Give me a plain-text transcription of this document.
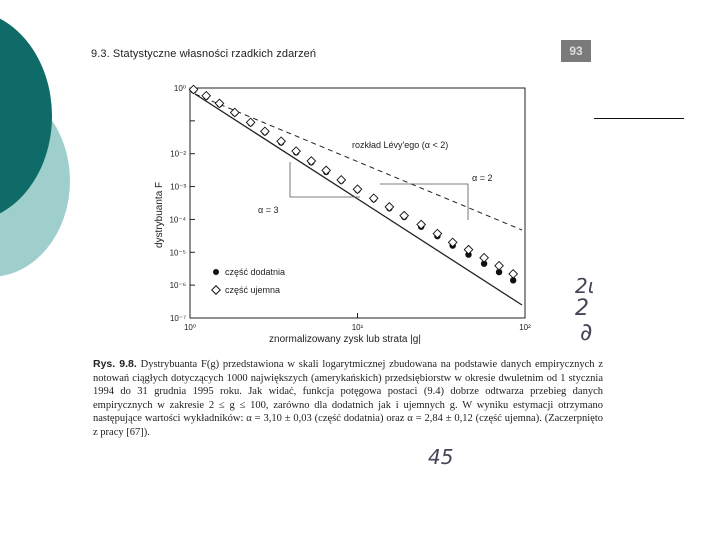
9.3. Statystyczne własności rzadkich zdarzeń	93
10⁰
10⁻²
10⁻³
10⁻⁴
10⁻⁵
10⁻⁶
10⁻⁷
10⁰	10¹	10²
rozkład Lévy'ego (α < 2)
α = 2
α = 3
część dodatnia
część ujemna
dystrybuanta F
znormalizowany zysk lub strata |g|
Rys. 9.8. Dystrybuanta F(g) przedstawiona w skali logarytmicznej zbudowana na podstawie danych empirycznych z notowań ciągłych dotyczących 1000 największych (amerykańskich) przedsiębiorstw w okresie dwuletnim od 1 stycznia 1994 do 31 grudnia 1995 roku. Jak widać, funkcja potęgowa postaci (9.4) dobrze odtwarza przebieg danych empirycznych w zakresie 2 ≤ g ≤ 100, zarówno dla dodatnich jak i ujemnych g. W wyniku estymacji otrzymano następujące wartości wykładników: α = 3,10 ± 0,03 (część dodatnia) oraz α = 2,84 ± 0,12 (część ujemna). (Zaczerpnięto z pracy [67]).
2ι
2
∂
45
